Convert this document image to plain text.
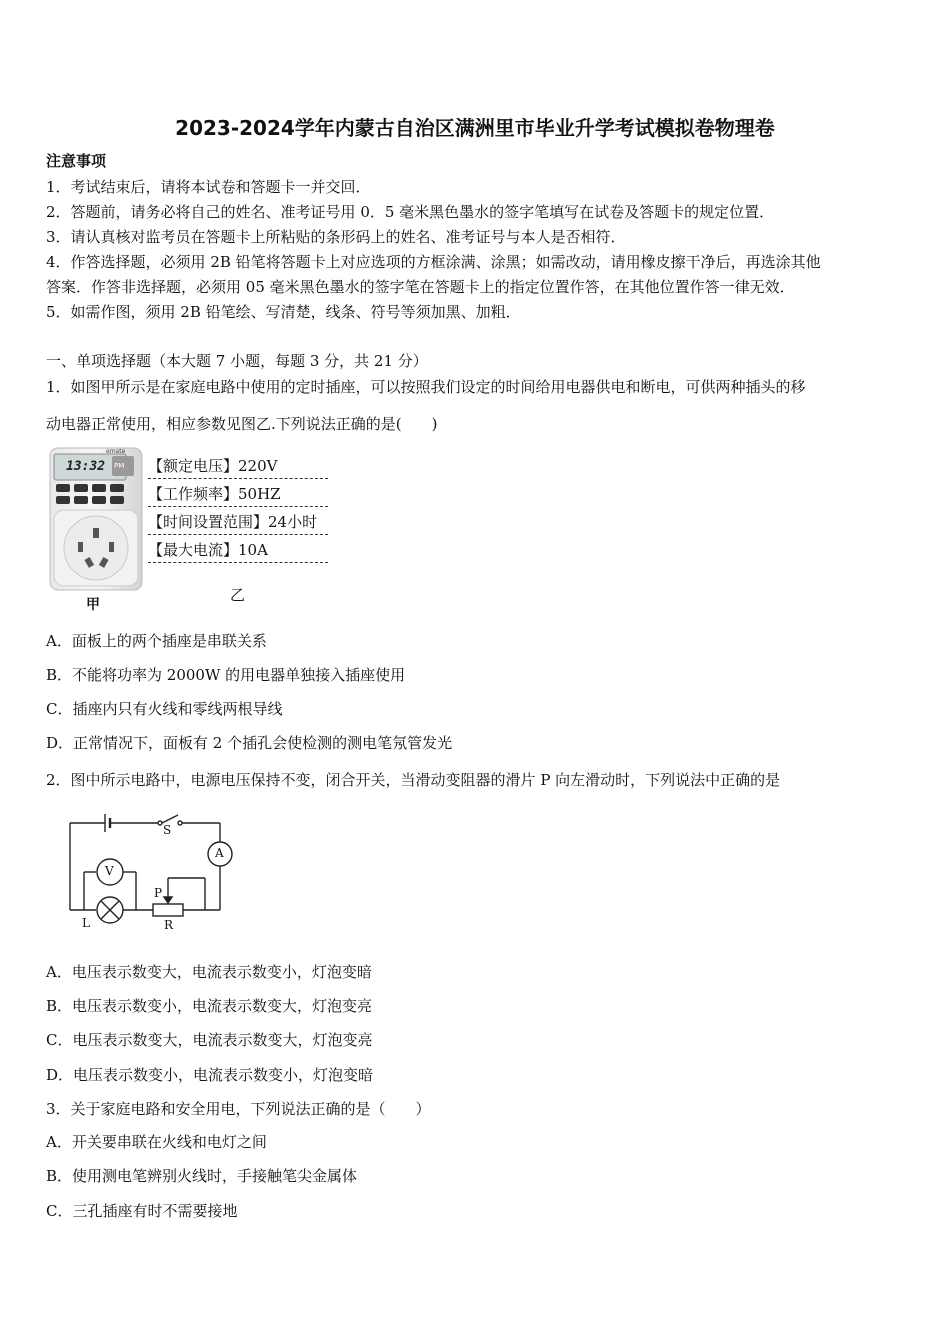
2023-2024学年内蒙古自治区满洲里市毕业升学考试模拟卷物理卷
注意事项
1．考试结束后，请将本试卷和答题卡一并交回．
2．答题前，请务必将自己的姓名、准考证号用 0．5 毫米黑色墨水的签字笔填写在试卷及答题卡的规定位置．
3．请认真核对监考员在答题卡上所粘贴的条形码上的姓名、准考证号与本人是否相符．
4．作答选择题，必须用 2B 铅笔将答题卡上对应选项的方框涂满、涂黑；如需改动，请用橡皮擦干净后，再选涂其他
答案．作答非选择题，必须用 05 毫米黑色墨水的签字笔在答题卡上的指定位置作答，在其他位置作答一律无效．
5．如需作图，须用 2B 铅笔绘、写清楚，线条、符号等须加黑、加粗．
一、单项选择题（本大题 7 小题，每题 3 分，共 21 分）
1．如图甲所示是在家庭电路中使用的定时插座，可以按照我们设定的时间给用电器供电和断电，可供两种插头的移
动电器正常使用，相应参数见图乙.下列说法正确的是(　　)
emate
13:32 PM
甲
【额定电压】220V
【工作频率】50HZ
【时间设置范围】24小时
【最大电流】10A
乙
A．面板上的两个插座是串联关系
B．不能将功率为 2000W 的用电器单独接入插座使用
C．插座内只有火线和零线两根导线
D．正常情况下，面板有 2 个插孔会使检测的测电笔氖管发光
2．图中所示电路中，电源电压保持不变，闭合开关，当滑动变阻器的滑片 P 向左滑动时，下列说法中正确的是
S
A
V
L
P
R
A．电压表示数变大，电流表示数变小，灯泡变暗
B．电压表示数变小，电流表示数变大，灯泡变亮
C．电压表示数变大，电流表示数变大，灯泡变亮
D．电压表示数变小，电流表示数变小，灯泡变暗
3．关于家庭电路和安全用电，下列说法正确的是（　　）
A．开关要串联在火线和电灯之间
B．使用测电笔辨别火线时，手接触笔尖金属体
C．三孔插座有时不需要接地
